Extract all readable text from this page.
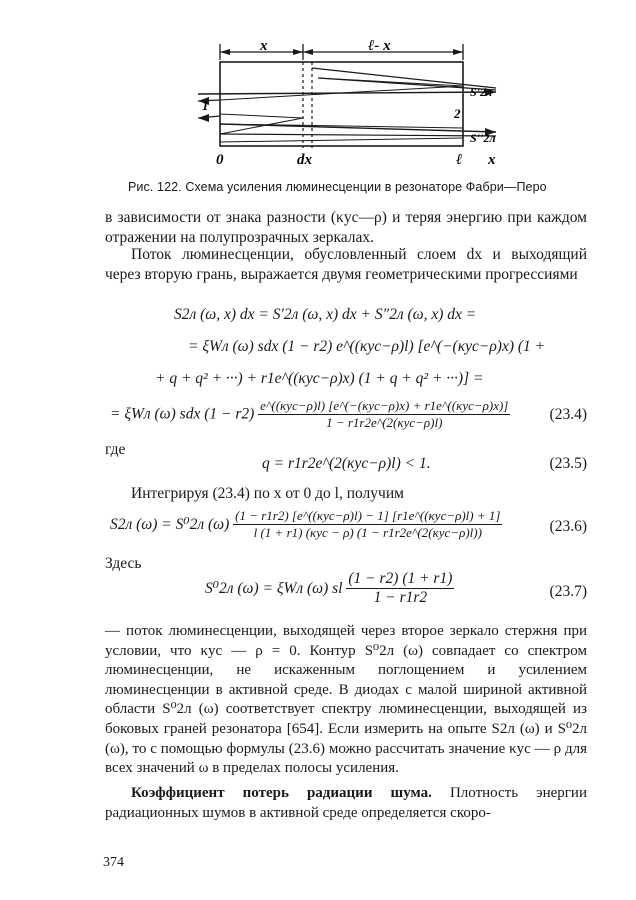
x	ℓ- x
1
2
S'2л
S''2л
0	dx	ℓ x
Рис. 122. Схема усиления люминесценции в резонаторе Фабри—Перо
в зависимости от знака разности (κус—ρ) и теряя энергию при каждом отражении на полупрозрачных зеркалах.
Поток люминесценции, обусловленный слоем dx и выходящий через вторую грань, выражается двумя геометрическими прогрессиями
S2л (ω, x) dx = S′2л (ω, x) dx + S″2л (ω, x) dx =
= ξWл (ω) sdx (1 − r2) e^((κус−ρ)l) [e^(−(κус−ρ)x) (1 +
+ q + q² + ···) + r1e^((κус−ρ)x) (1 + q + q² + ···)] =
= ξWл (ω) sdx $(1 - r2) \frac{\text{e\textasciicircum{}((κус−ρ)l) [e\textasciicircum{}(−(κус−ρ)x) + r1e\textasciicircum{}((κус−ρ)x)]}}{\text{1 − r1r2e\textasciicircum{}(2(κус−ρ)l)}}$	(23.4)
где
q = r1r2e^(2(κус−ρ)l) < 1.	(23.5)
Интегрируя (23.4) по x от 0 до l, получим
S2л (ω) = S⁰2л $(\omega) \frac{\text{(1 − r1r2) [e\textasciicircum{}((κус−ρ)l) − 1] [r1e\textasciicircum{}((κус−ρ)l) + 1]}}{\text{l (1 + r1) (κус − ρ) (1 − r1r2e\textasciicircum{}(2(κус−ρ)l))}}$	(23.6)
Здесь
S⁰2л (ω) = ξWл (ω) sl $\frac{(1 - r2) (1 + r1)}{1 - r1r2}$	(23.7)
— поток люминесценции, выходящей через второе зеркало стержня при условии, что κус — ρ = 0. Контур S⁰2л (ω) совпадает со спектром люминесценции, не искаженным поглощением и усилением люминесценции в активной среде. В диодах с малой шириной активной области S⁰2л (ω) соответствует спектру люминесценции, выходящей из боковых граней резонатора [654]. Если измерить на опыте S2л (ω) и S⁰2л (ω), то с помощью формулы (23.6) можно рассчитать значение κус — ρ для всех значений ω в пределах полосы усиления.
Коэффициент потерь радиации шума. Плотность энергии радиационных шумов в активной среде определяется скоро-
374
